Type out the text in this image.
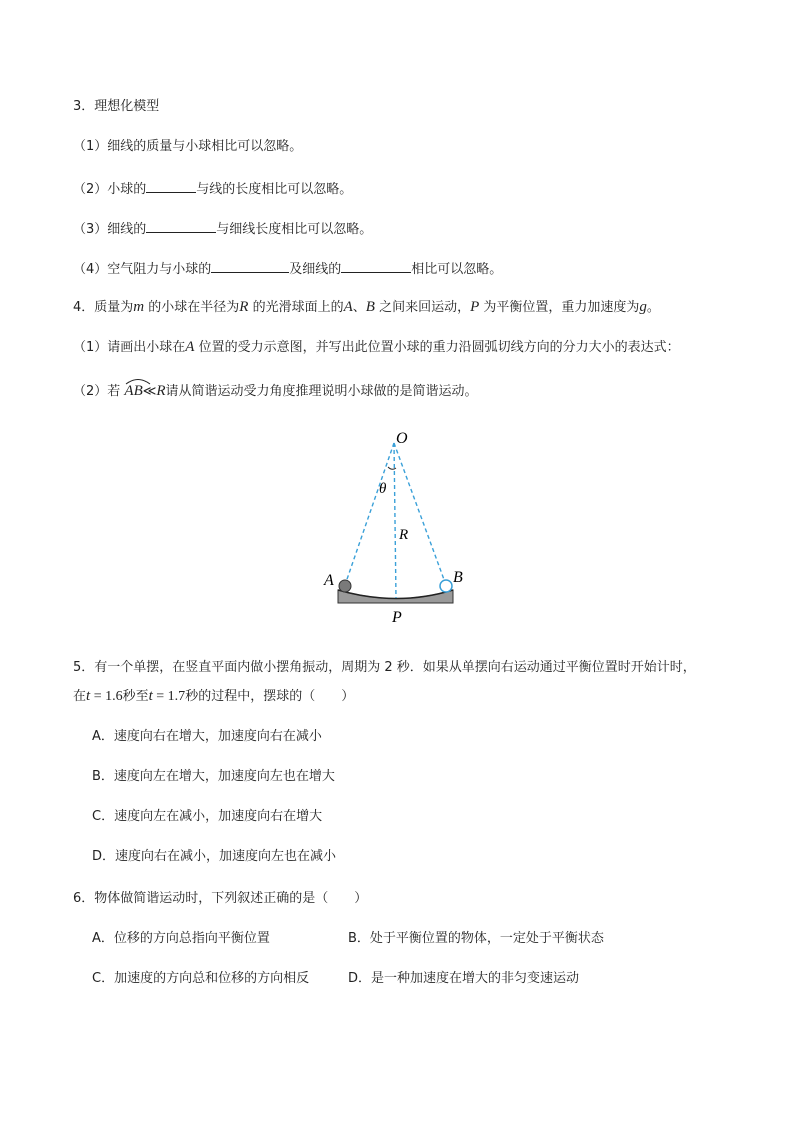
3．理想化模型
（1）细线的质量与小球相比可以忽略。
（2）小球的	与线的长度相比可以忽略。
（3）细线的	与细线长度相比可以忽略。
（4）空气阻力与小球的	及细线的	相比可以忽略。
4．质量为m 的小球在半径为R 的光滑球面上的A、B 之间来回运动，P 为平衡位置，重力加速度为g。
（1）请画出小球在A 位置的受力示意图，并写出此位置小球的重力沿圆弧切线方向的分力大小的表达式：
（2）若 AB≪R请从简谐运动受力角度推理说明小球做的是简谐运动。
O
θ
R
A	B
P
5．有一个单摆，在竖直平面内做小摆角振动，周期为 2 秒．如果从单摆向右运动通过平衡位置时开始计时，
在t = 1.6秒至t = 1.7秒的过程中，摆球的（　　）
A．速度向右在增大，加速度向右在减小
B．速度向左在增大，加速度向左也在增大
C．速度向左在减小，加速度向右在增大
D．速度向右在减小，加速度向左也在减小
6．物体做简谐运动时，下列叙述正确的是（　　）
A．位移的方向总指向平衡位置	B．处于平衡位置的物体，一定处于平衡状态
C．加速度的方向总和位移的方向相反	D．是一种加速度在增大的非匀变速运动
